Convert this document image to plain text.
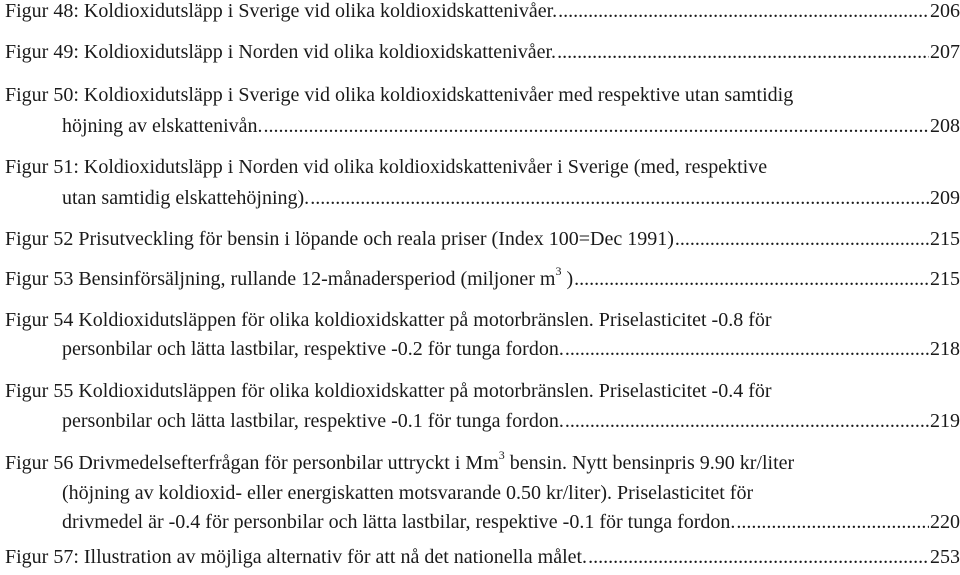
Figur 48: Koldioxidutsläpp i Sverige vid olika koldioxidskattenivåer. .....	206
Figur 49: Koldioxidutsläpp i Norden vid olika koldioxidskattenivåer. .....	207
Figur 50: Koldioxidutsläpp i Sverige vid olika koldioxidskattenivåer med respektive utan samtidig
höjning av elskattenivån. .....	208
Figur 51: Koldioxidutsläpp i Norden vid olika koldioxidskattenivåer i Sverige (med, respektive
utan samtidig elskattehöjning). .....	209
Figur 52 Prisutveckling för bensin i löpande och reala priser (Index 100=Dec 1991) .....	215
Figur 53 Bensinförsäljning, rullande 12-månadersperiod (miljoner $m^3$ ) .....	215
Figur 54 Koldioxidutsläppen för olika koldioxidskatter på motorbränslen. Priselasticitet -0.8 för
personbilar och lätta lastbilar, respektive -0.2 för tunga fordon. .....	218
Figur 55 Koldioxidutsläppen för olika koldioxidskatter på motorbränslen. Priselasticitet -0.4 för
personbilar och lätta lastbilar, respektive -0.1 för tunga fordon. .....	219
Figur 56 Drivmedelsefterfrågan för personbilar uttryckt i Mm$^3$ bensin. Nytt bensinpris 9.90 kr/liter
(höjning av koldioxid- eller energiskatten motsvarande 0.50 kr/liter). Priselasticitet för
drivmedel är -0.4 för personbilar och lätta lastbilar, respektive -0.1 för tunga fordon. .....	220
Figur 57: Illustration av möjliga alternativ för att nå det nationella målet. .....	253
